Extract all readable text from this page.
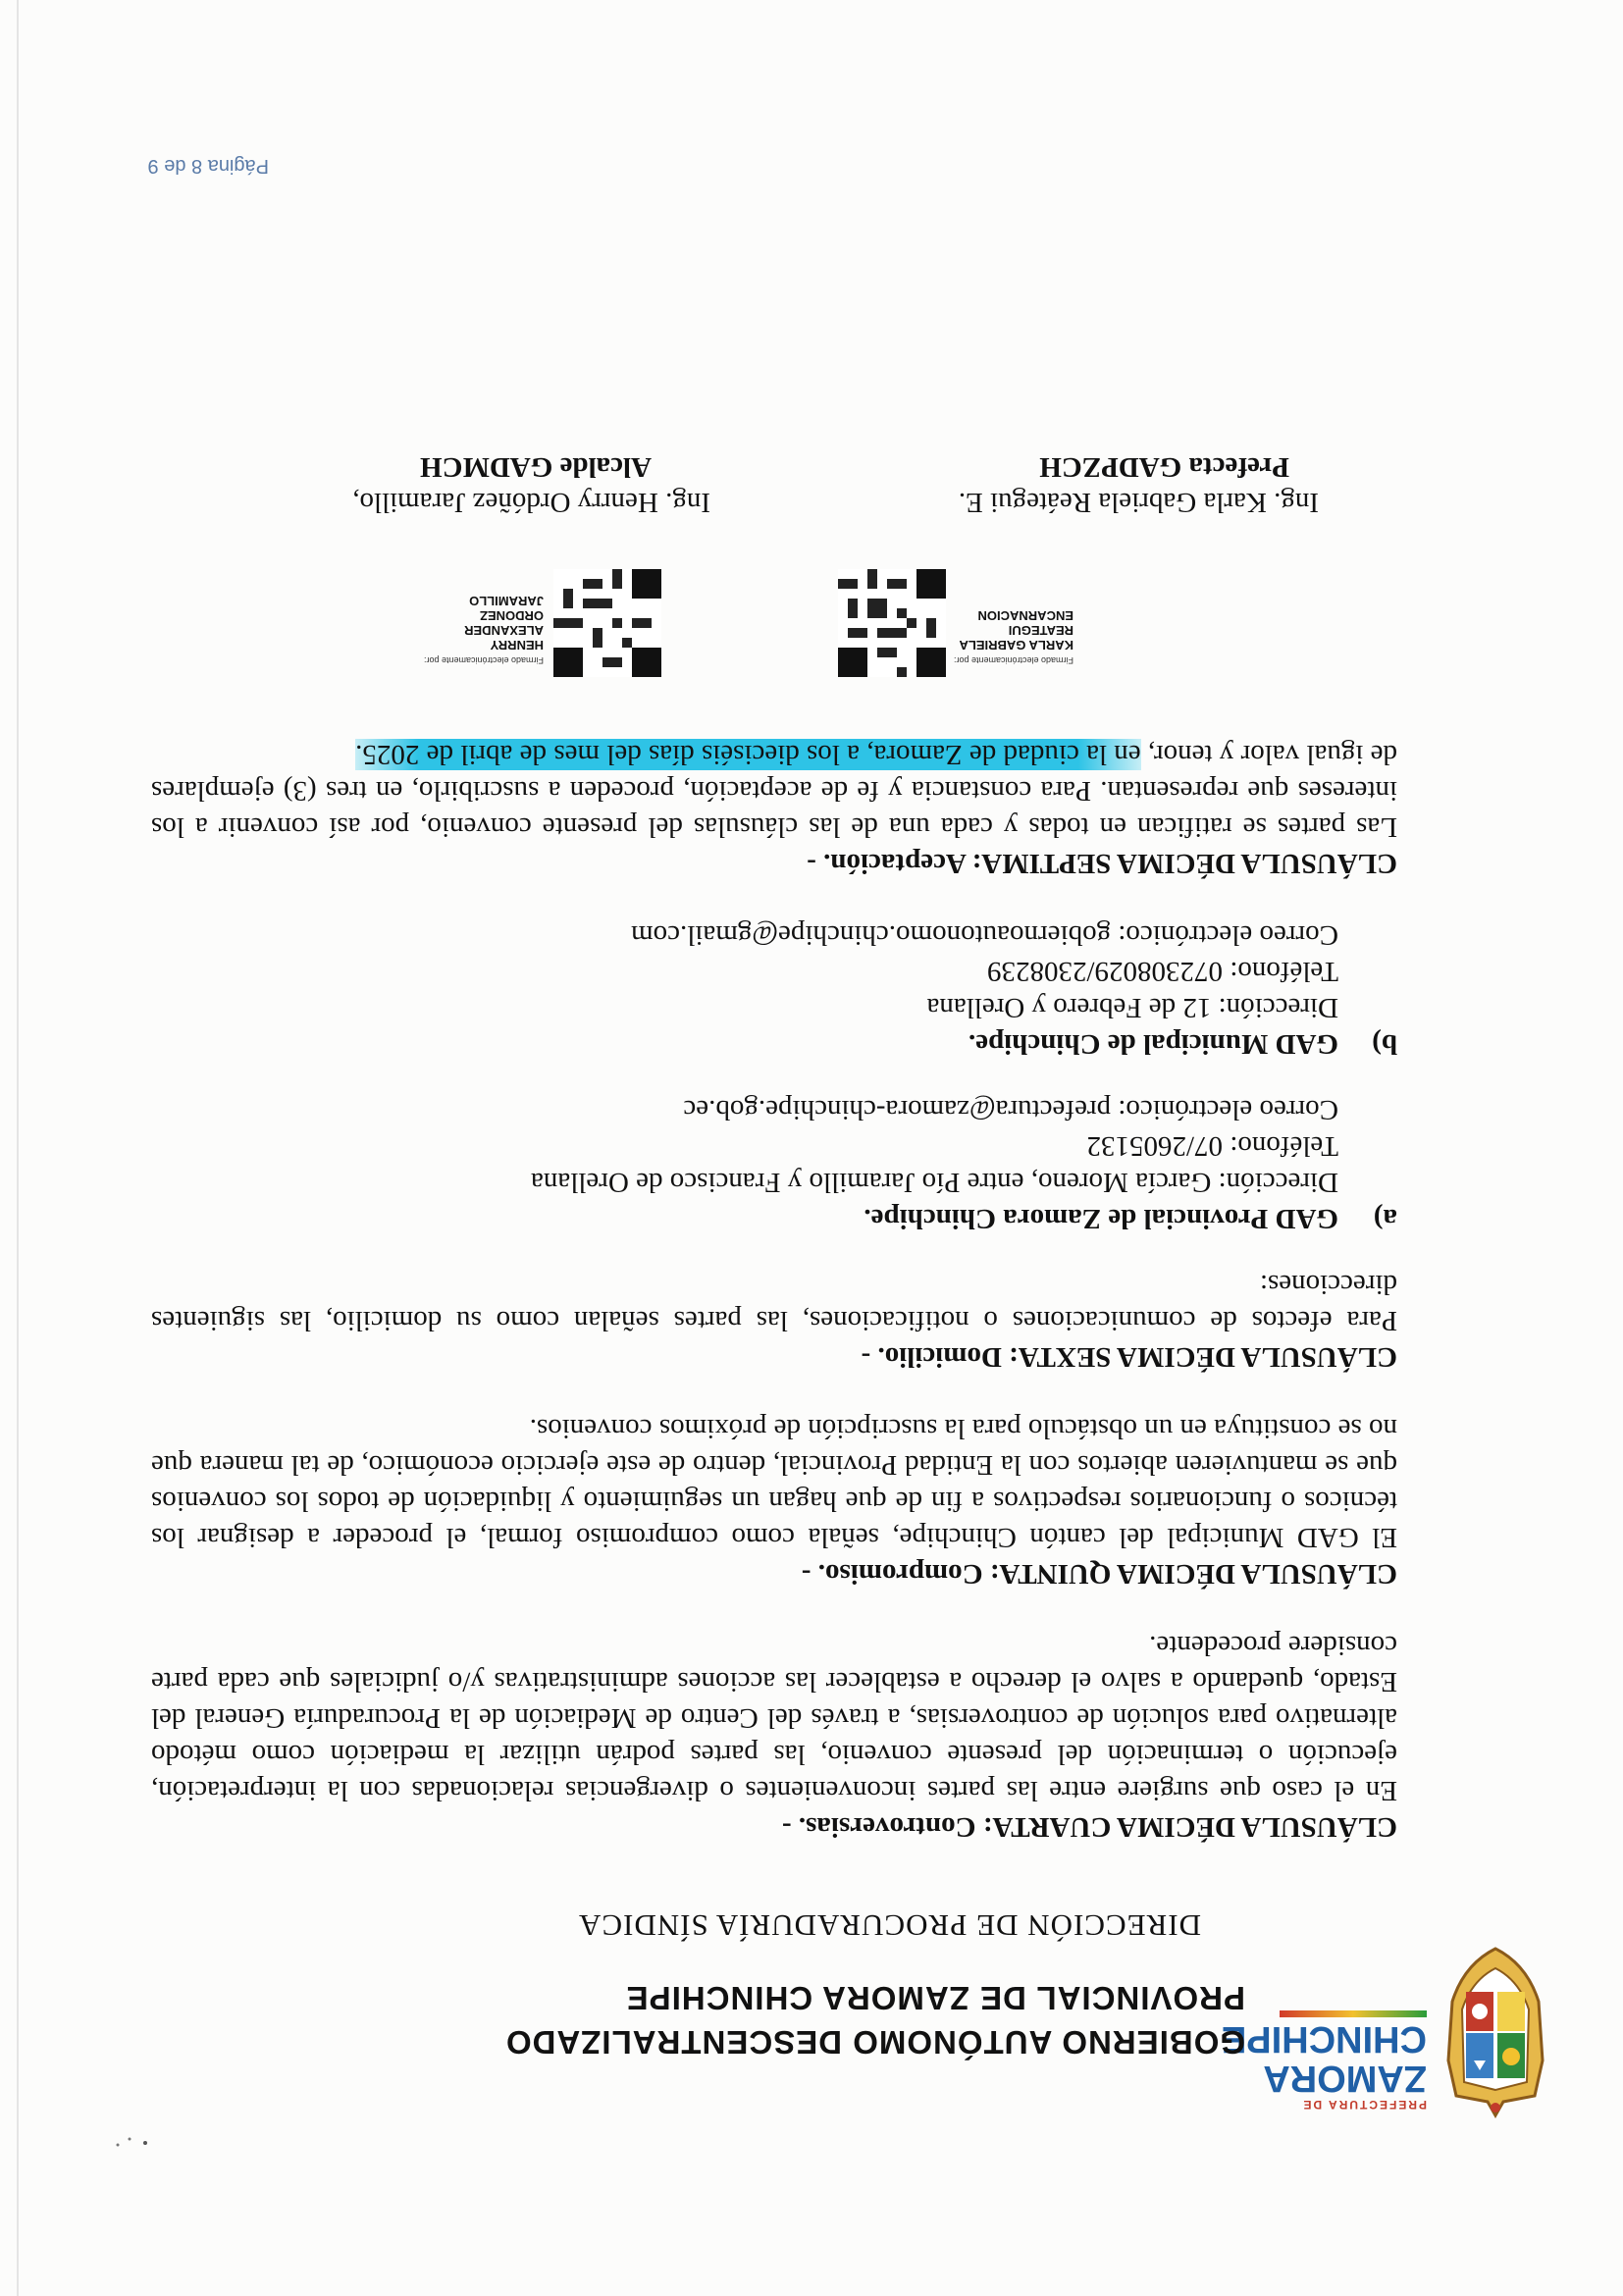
PREFECTURA DE
ZAMORA
CHINCHIPE
GOBIERNO AUTÓNOMO DESCENTRALIZADO
PROVINCIAL DE ZAMORA CHINCHIPE
DIRECCIÓN DE PROCURADURÍA SÍNDICA

CLÁUSULA DÉCIMA CUARTA: Controversias. -

En el caso que surgiere entre las partes inconvenientes o divergencias relacionadas con la interpretación, ejecución o terminación del presente convenio, las partes podrán utilizar la mediación como método alternativo para solución de controversias, a través del Centro de Mediación de la Procuraduría General del Estado, quedando a salvo el derecho a establecer las acciones administrativas y/o judiciales que cada parte considere procedente.

CLÁUSULA DÉCIMA QUINTA: Compromiso. -

El GAD Municipal del cantón Chinchipe, señala como compromiso formal, el proceder a designar los técnicos o funcionarios respectivos a fin de que hagan un seguimiento y liquidación de todos los convenios que se mantuvieren abiertos con la Entidad Provincial, dentro de este ejercicio económico, de tal manera que no se constituya en un obstáculo para la suscripción de próximos convenios.

CLÁUSULA DÉCIMA SEXTA: Domicilio. -

Para efectos de comunicaciones o notificaciones, las partes señalan como su domicilio, las siguientes direcciones:

a)GAD Provincial de Zamora Chinchipe.

Dirección: García Moreno, entre Pío Jaramillo y Francisco de Orellana

Teléfono: 07/2605132

Correo electrónico: prefectura@zamora-chinchipe.gob.ec

b)GAD Municipal de Chinchipe.

Dirección: 12 de Febrero y Orellana

Teléfono: 072308029/2308239

Correo electrónico: gobiernoautonomo.chinchipe@gmail.com

CLÁUSULA DÉCIMA SEPTIMA: Aceptación. -

Las partes se ratifican en todas y cada una de las cláusulas del presente convenio, por así convenir a los intereses que representan. Para constancia y fe de aceptación, proceden a suscribirlo, en tres (3) ejemplares de igual valor y tenor, en la ciudad de Zamora, a los dieciséis días del mes de abril de 2025.

Firmado electrónicamente por:
KARLA GABRIELA REATEGUI ENCARNACION
Ing. Karla Gabriela Reátegui E.
Prefecta GADPZCH
Firmado electrónicamente por:
HENRRY ALEXANDER ORDONEZ JARAMILLO
Ing. Henrry Ordóñez Jaramillo,
Alcalde GADMCH
Página 8 de 9
